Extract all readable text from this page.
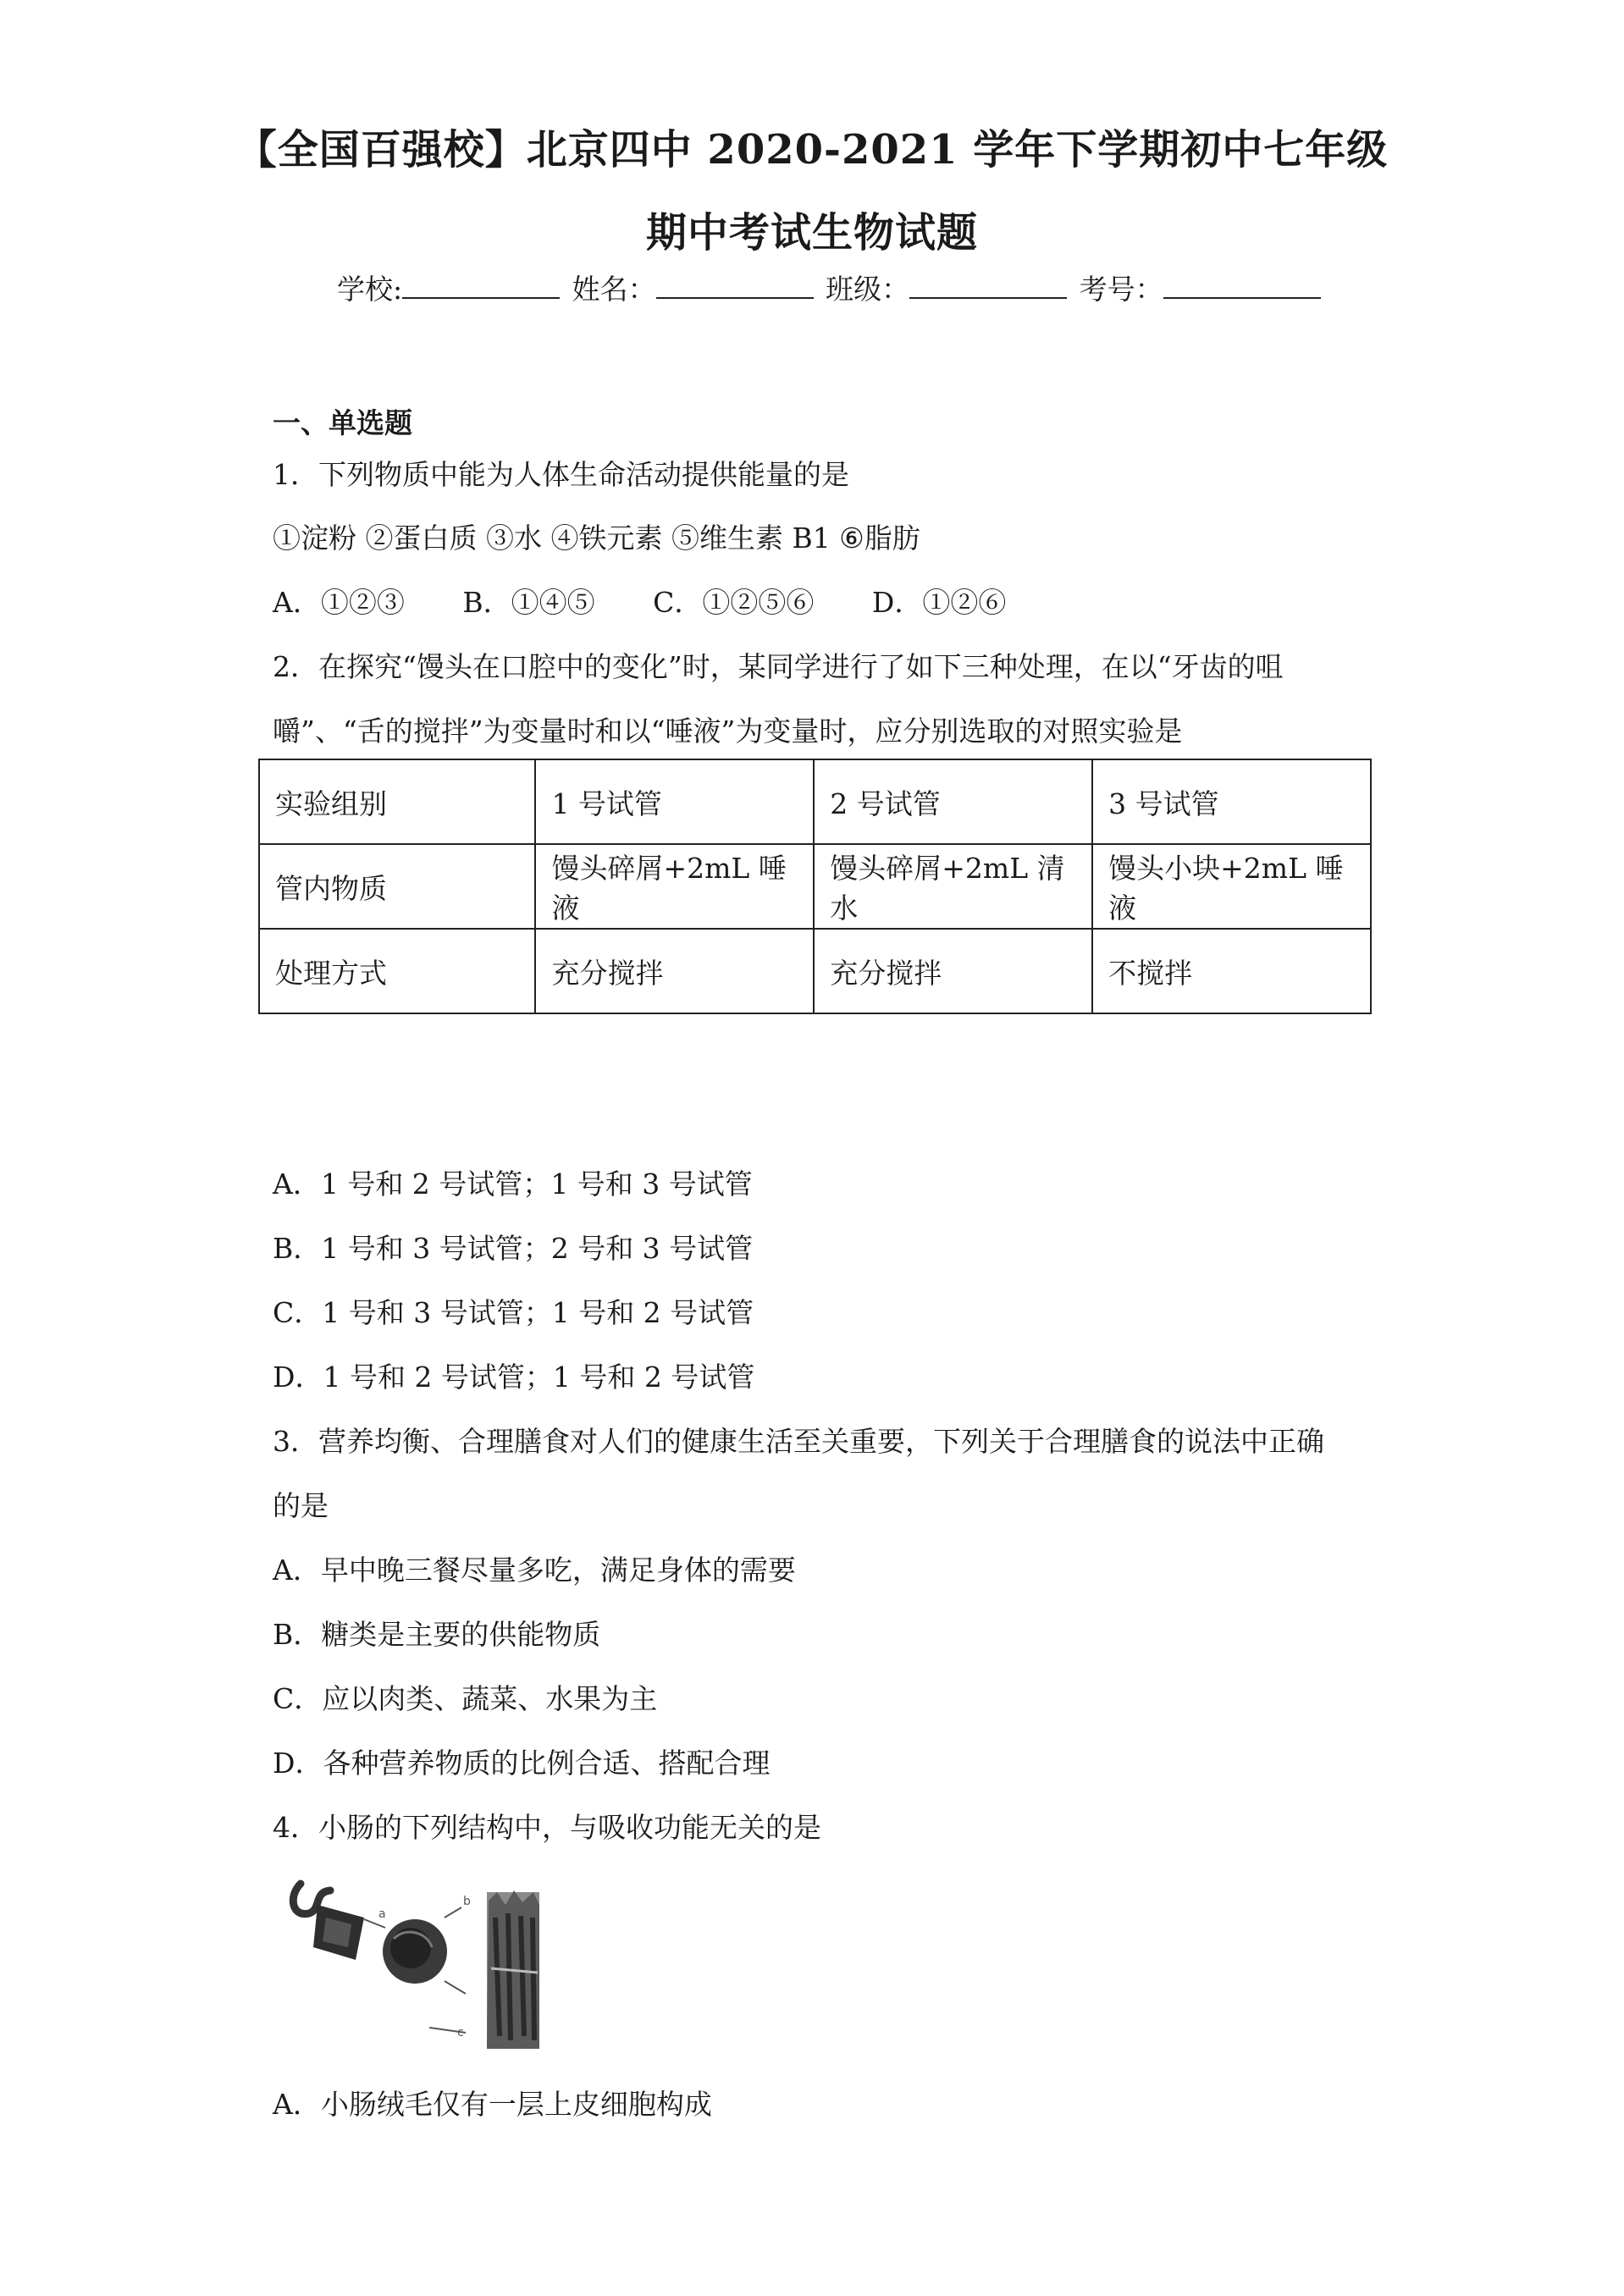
【全国百强校】北京四中 2020-2021 学年下学期初中七年级
期中考试生物试题
学校:	姓名：	班级：	考号：
一、单选题
1．下列物质中能为人体生命活动提供能量的是
①淀粉 ②蛋白质 ③水 ④铁元素 ⑤维生素 B1 ⑥脂肪
A．①②③ B．①④⑤ C．①②⑤⑥ D．①②⑥
2．在探究“馒头在口腔中的变化”时，某同学进行了如下三种处理，在以“牙齿的咀
嚼”、“舌的搅拌”为变量时和以“唾液”为变量时，应分别选取的对照实验是
实验组别	1 号试管	2 号试管	3 号试管
管内物质	馒头碎屑+2mL 唾液	馒头碎屑+2mL 清水	馒头小块+2mL 唾液
处理方式	充分搅拌	充分搅拌	不搅拌
A．1 号和 2 号试管；1 号和 3 号试管
B．1 号和 3 号试管；2 号和 3 号试管
C．1 号和 3 号试管；1 号和 2 号试管
D．1 号和 2 号试管；1 号和 2 号试管
3．营养均衡、合理膳食对人们的健康生活至关重要，下列关于合理膳食的说法中正确
的是
A．早中晚三餐尽量多吃，满足身体的需要
B．糖类是主要的供能物质
C．应以肉类、蔬菜、水果为主
D．各种营养物质的比例合适、搭配合理
4．小肠的下列结构中，与吸收功能无关的是
a
b
c
A．小肠绒毛仅有一层上皮细胞构成
